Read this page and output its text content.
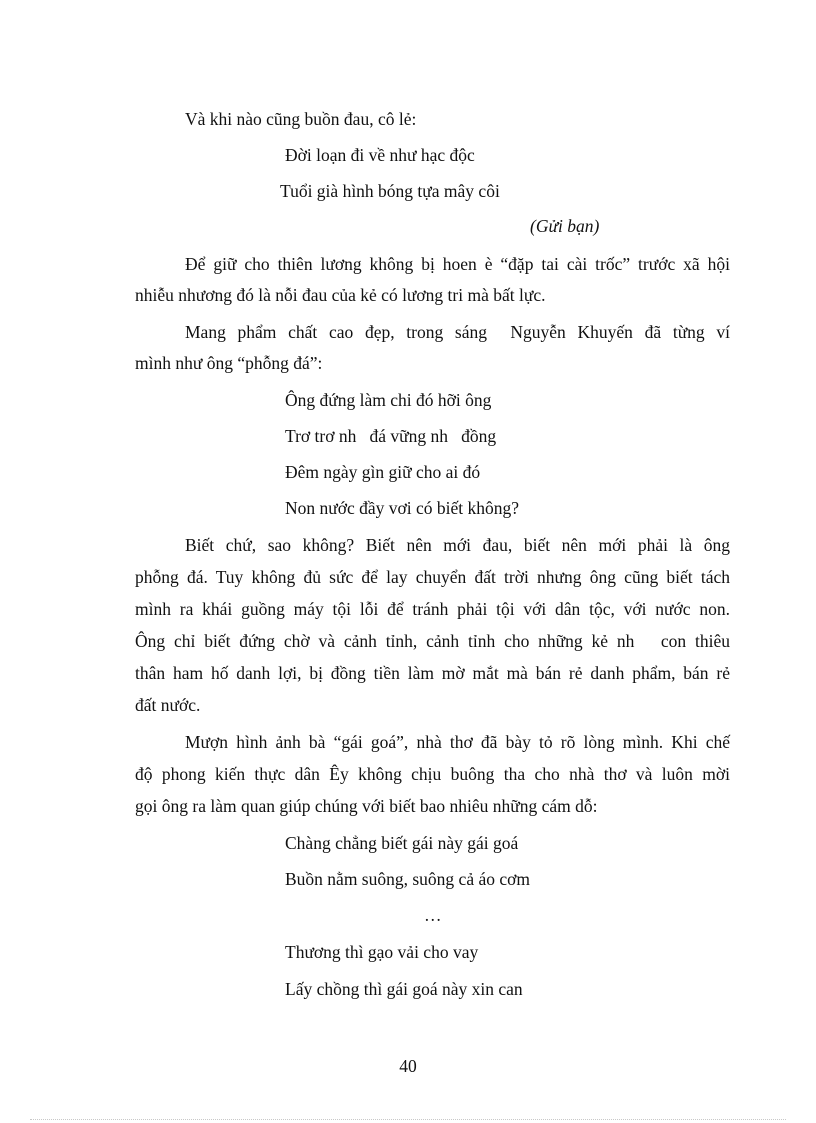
Và khi nào cũng buồn đau, cô lẻ:
Đời loạn đi về như hạc độc
Tuổi già hình bóng tựa mây côi
(Gửi bạn)
Để giữ cho thiên lương không bị hoen è “đặp tai cài trốc” trước xã hội
nhiễu nhương đó là nỗi đau của kẻ có lương tri mà bất lực.
Mang phẩm chất cao đẹp, trong sáng  Nguyễn Khuyến đã từng ví
mình như ông “phỗng đá”:
Ông đứng làm chi đó hỡi ông
Trơ trơ nh   đá vững nh   đồng
Đêm ngày gìn giữ cho ai đó
Non nước đầy vơi có biết không?
Biết chứ, sao không? Biết nên mới đau, biết nên mới phải là ông
phỗng đá. Tuy không đủ sức để lay chuyển đất trời nhưng ông cũng biết tách
mình ra khái guồng máy tội lỗi để tránh phải tội với dân tộc, với nước non.
Ông chỉ biết đứng chờ và cảnh tỉnh, cảnh tỉnh cho những kẻ nh   con thiêu
thân ham hố danh lợi, bị đồng tiền làm mờ mắt mà bán rẻ danh phẩm, bán rẻ
đất nước.
Mượn hình ảnh bà “gái goá”, nhà thơ đã bày tỏ rõ lòng mình. Khi chế
độ phong kiến thực dân Êy không chịu buông tha cho nhà thơ và luôn mời
gọi ông ra làm quan giúp chúng với biết bao nhiêu những cám dỗ:
Chàng chẳng biết gái này gái goá
Buồn nằm suông, suông cả áo cơm
…
Thương thì gạo vải cho vay
Lấy chồng thì gái goá này xin can
40
